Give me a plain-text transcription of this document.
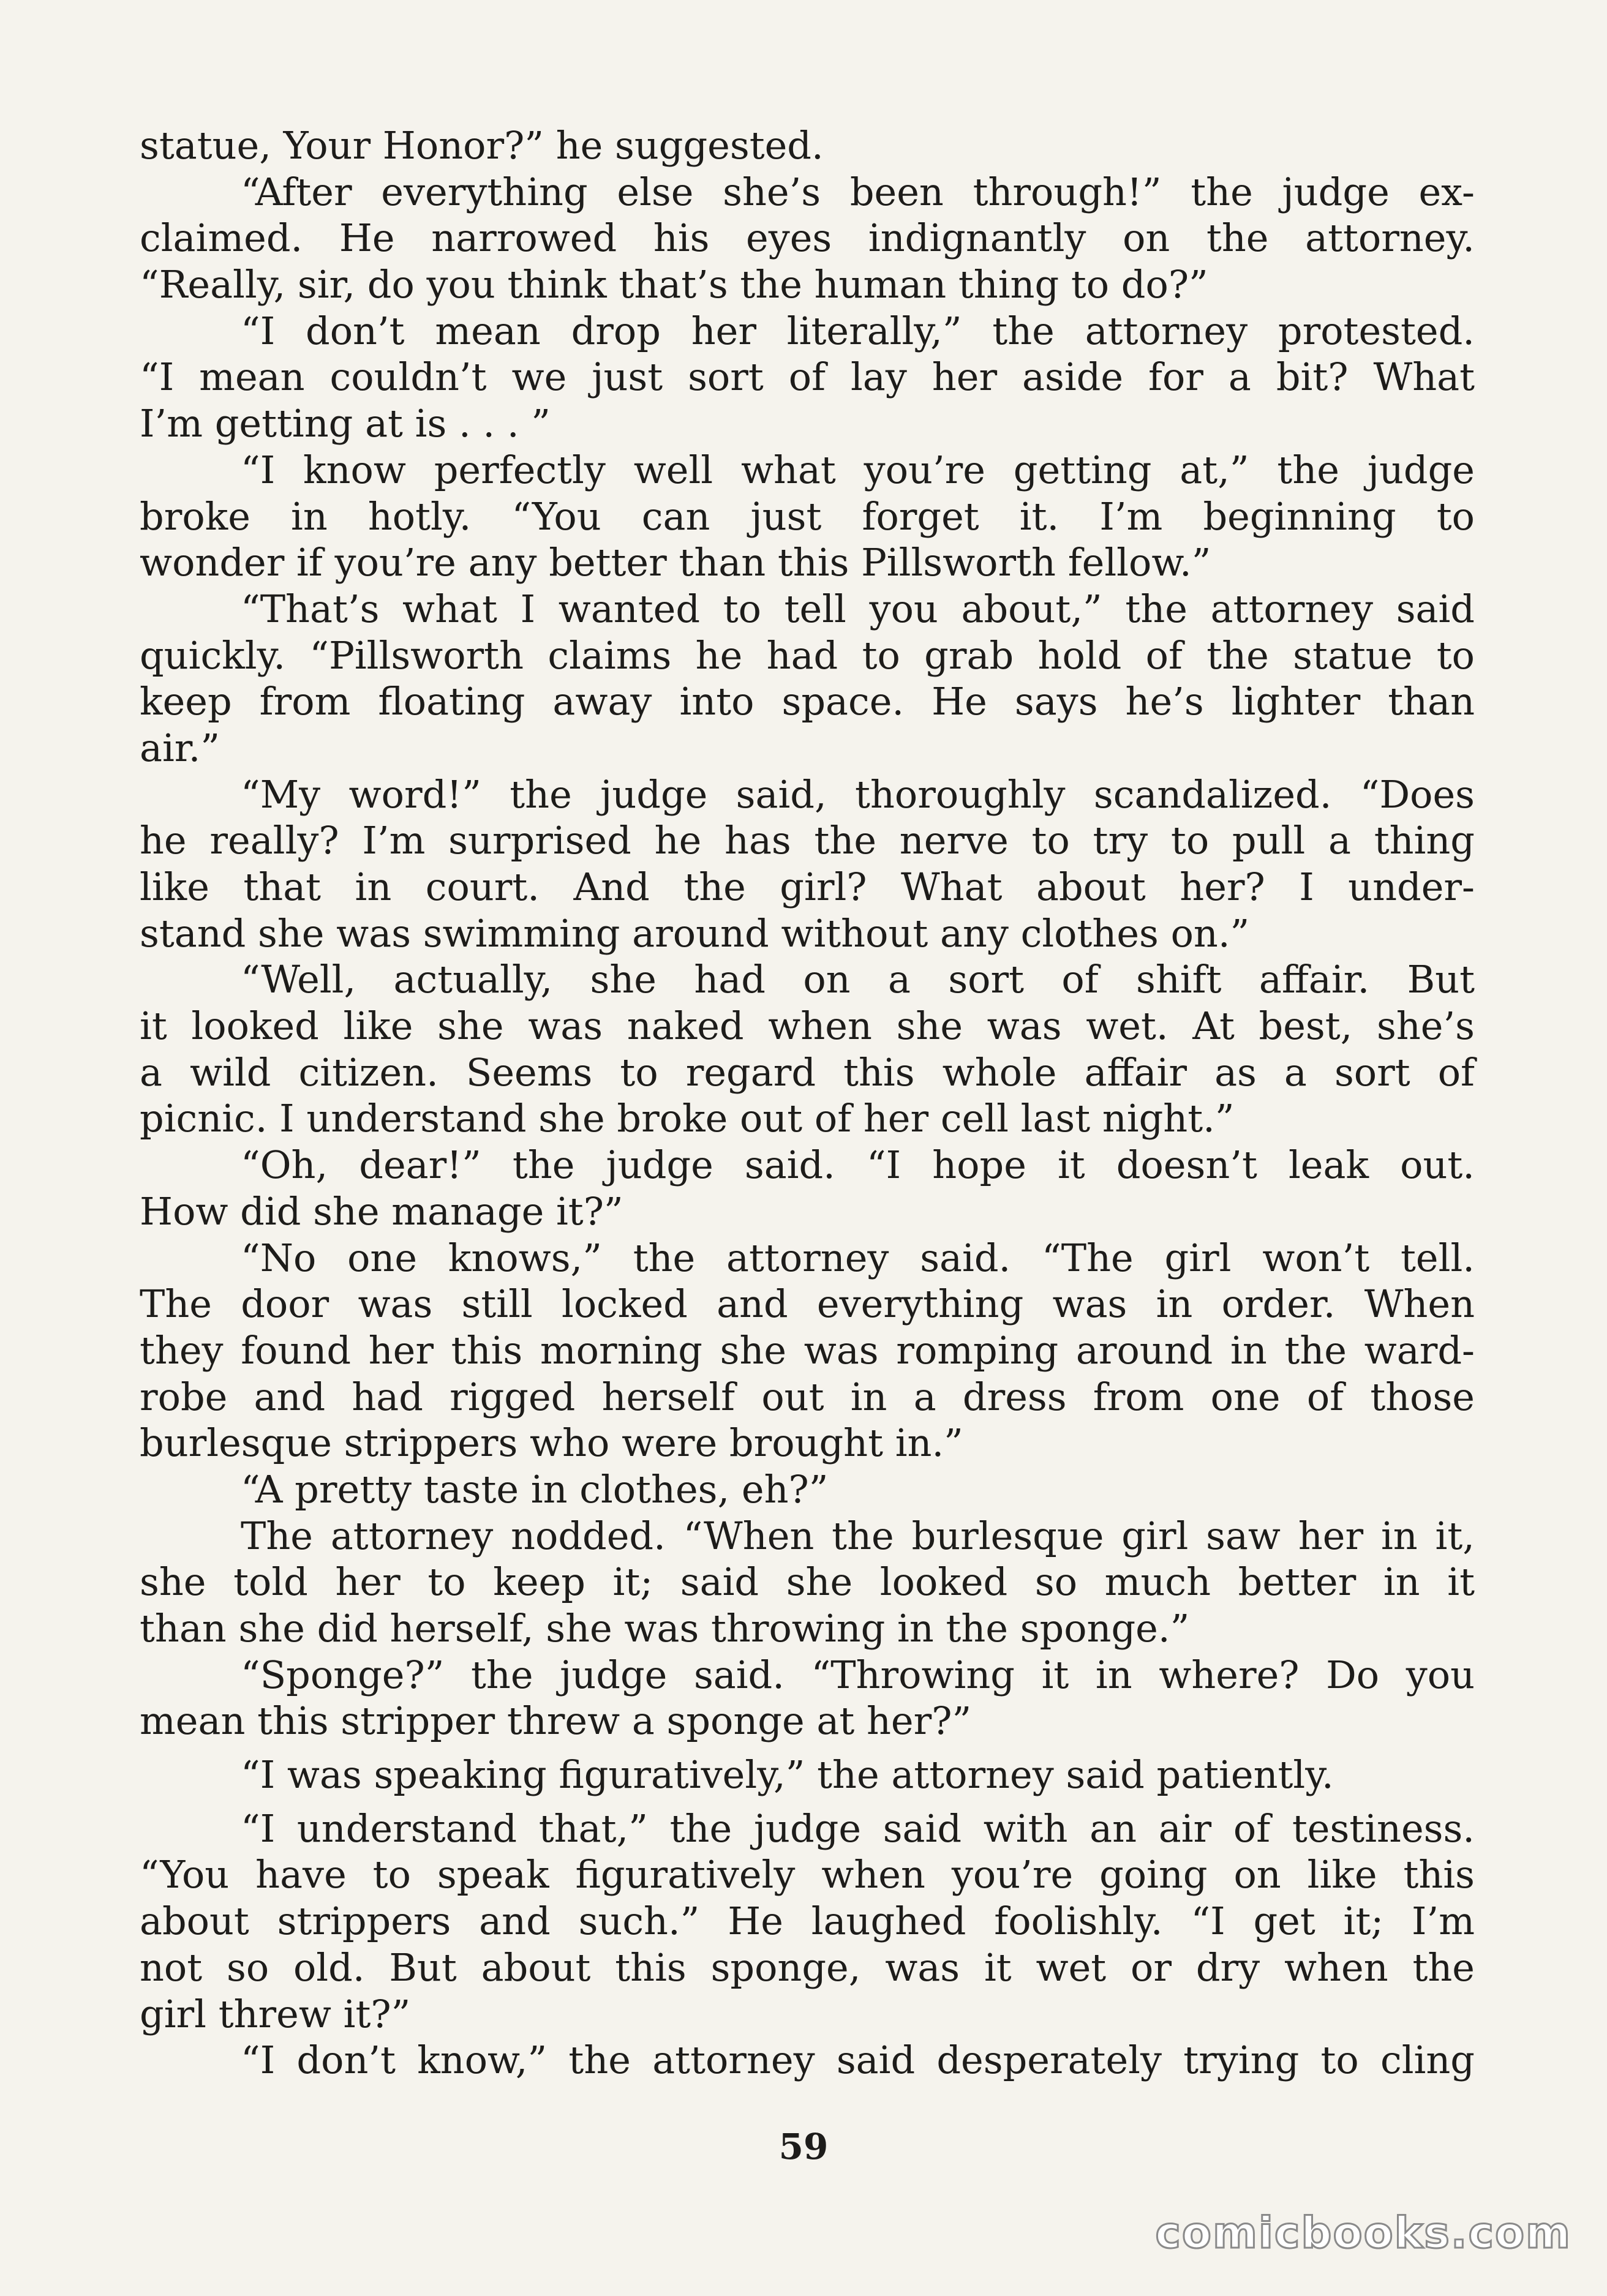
statue, Your Honor?” he suggested.
“After everything else she’s been through!” the judge ex-
claimed. He narrowed his eyes indignantly on the attorney.
“Really, sir, do you think that’s the human thing to do?”
“I don’t mean drop her literally,” the attorney protested.
“I mean couldn’t we just sort of lay her aside for a bit? What
I’m getting at is . . . ”
“I know perfectly well what you’re getting at,” the judge
broke in hotly. “You can just forget it. I’m beginning to
wonder if you’re any better than this Pillsworth fellow.”
“That’s what I wanted to tell you about,” the attorney said
quickly. “Pillsworth claims he had to grab hold of the statue to
keep from floating away into space. He says he’s lighter than
air.”
“My word!” the judge said, thoroughly scandalized. “Does
he really? I’m surprised he has the nerve to try to pull a thing
like that in court. And the girl? What about her? I under-
stand she was swimming around without any clothes on.”
“Well, actually, she had on a sort of shift affair. But
it looked like she was naked when she was wet. At best, she’s
a wild citizen. Seems to regard this whole affair as a sort of
picnic. I understand she broke out of her cell last night.”
“Oh, dear!” the judge said. “I hope it doesn’t leak out.
How did she manage it?”
“No one knows,” the attorney said. “The girl won’t tell.
The door was still locked and everything was in order. When
they found her this morning she was romping around in the ward-
robe and had rigged herself out in a dress from one of those
burlesque strippers who were brought in.”
“A pretty taste in clothes, eh?”
The attorney nodded. “When the burlesque girl saw her in it,
she told her to keep it; said she looked so much better in it
than she did herself, she was throwing in the sponge.”
“Sponge?” the judge said. “Throwing it in where? Do you
mean this stripper threw a sponge at her?”
“I was speaking figuratively,” the attorney said patiently.
“I understand that,” the judge said with an air of testiness.
“You have to speak figuratively when you’re going on like this
about strippers and such.” He laughed foolishly. “I get it; I’m
not so old. But about this sponge, was it wet or dry when the
girl threw it?”
“I don’t know,” the attorney said desperately trying to cling
59
comicbooks.com
